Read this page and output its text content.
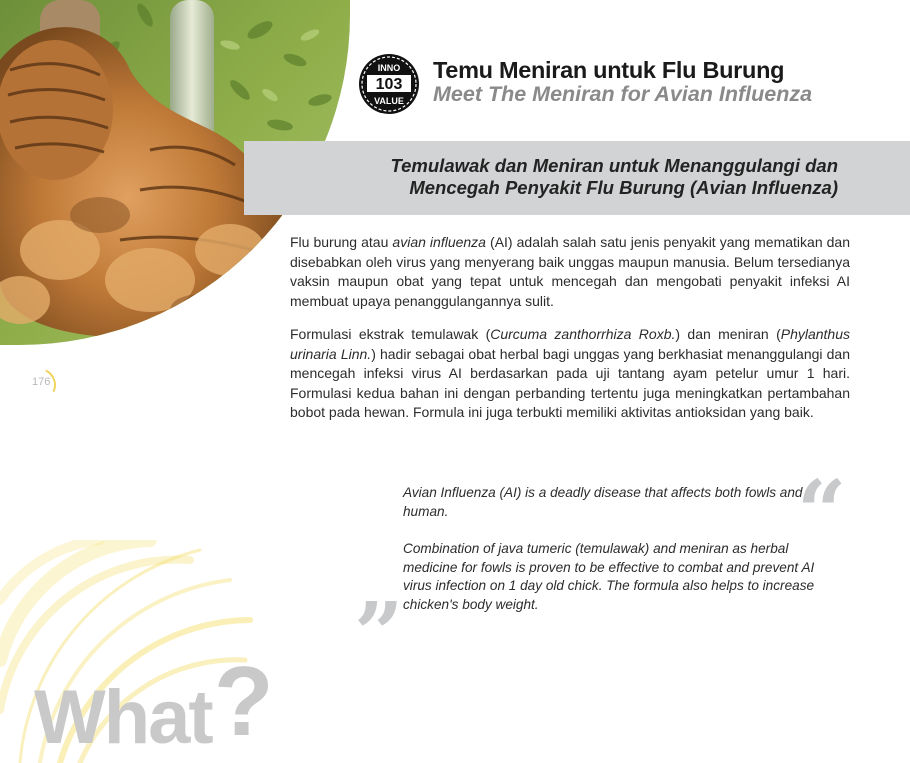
176
What?
INNO
103
VALUE
Temu Meniran untuk Flu Burung
Meet The Meniran for Avian Influenza
Temulawak dan Meniran untuk Menanggulangi dan
Mencegah Penyakit Flu Burung (Avian Influenza)
Flu burung atau avian influenza (AI) adalah salah satu jenis penyakit yang mematikan dan disebabkan oleh virus yang menyerang baik unggas maupun manusia. Belum tersedianya vaksin maupun obat yang tepat untuk mencegah dan mengobati penyakit infeksi AI membuat upaya penanggulangannya sulit.
Formulasi ekstrak temulawak (Curcuma zanthorrhiza Roxb.) dan meniran (Phylanthus urinaria Linn.) hadir sebagai obat herbal bagi unggas yang berkhasiat menanggulangi dan mencegah infeksi virus AI berdasarkan pada uji tantang ayam petelur umur 1 hari. Formulasi kedua bahan ini dengan perbanding tertentu juga meningkatkan pertambahan bobot pada hewan. Formula ini juga terbukti memiliki aktivitas antioksidan yang baik.
“
Avian Influenza (AI) is a deadly disease that affects both fowls and human.
Combination of java tumeric (temulawak) and meniran as herbal medicine for fowls is proven to be effective to combat and prevent AI virus infection on 1 day old chick. The formula also helps to increase chicken's body weight.
”
